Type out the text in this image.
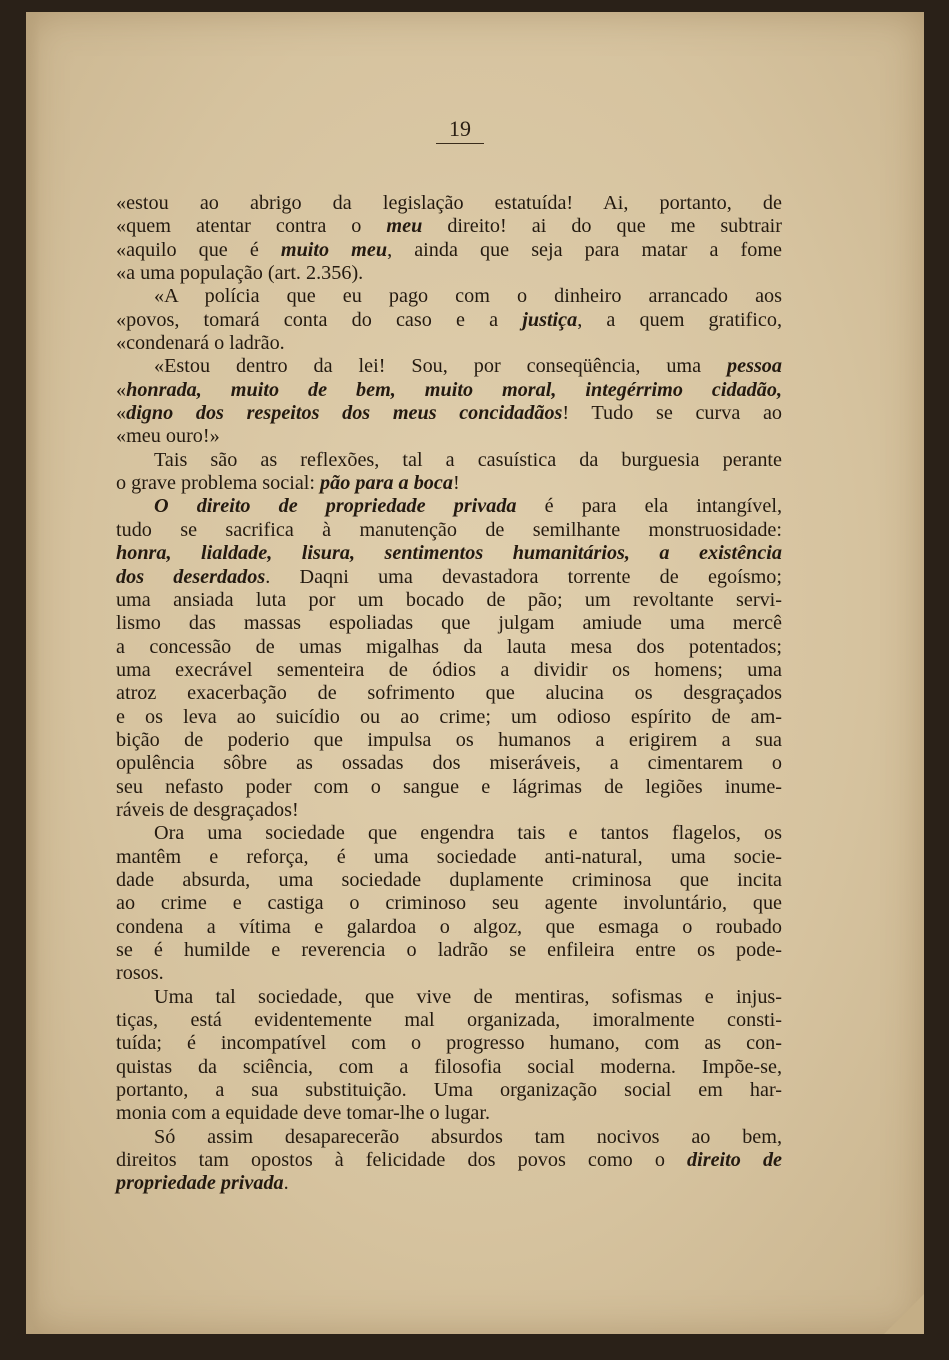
19
«estou ao abrigo da legislação estatuída! Ai, portanto, de
«quem atentar contra o meu direito! ai do que me subtrair
«aquilo que é muito meu, ainda que seja para matar a fome
«a uma população (art. 2.356).
«A polícia que eu pago com o dinheiro arrancado aos
«povos, tomará conta do caso e a justiça, a quem gratifico,
«condenará o ladrão.
«Estou dentro da lei! Sou, por conseqüência, uma pessoa
«honrada, muito de bem, muito moral, integérrimo cidadão,
«digno dos respeitos dos meus concidadãos! Tudo se curva ao
«meu ouro!»
Tais são as reflexões, tal a casuística da burguesia perante
o grave problema social: pão para a boca!
O direito de propriedade privada é para ela intangível,
tudo se sacrifica à manutenção de semilhante monstruosidade:
honra, lialdade, lisura, sentimentos humanitários, a existência
dos deserdados. Daqni uma devastadora torrente de egoísmo;
uma ansiada luta por um bocado de pão; um revoltante servi-
lismo das massas espoliadas que julgam amiude uma mercê
a concessão de umas migalhas da lauta mesa dos potentados;
uma execrável sementeira de ódios a dividir os homens; uma
atroz exacerbação de sofrimento que alucina os desgraçados
e os leva ao suicídio ou ao crime; um odioso espírito de am-
bição de poderio que impulsa os humanos a erigirem a sua
opulência sôbre as ossadas dos miseráveis, a cimentarem o
seu nefasto poder com o sangue e lágrimas de legiões inume-
ráveis de desgraçados!
Ora uma sociedade que engendra tais e tantos flagelos, os
mantêm e reforça, é uma sociedade anti-natural, uma socie-
dade absurda, uma sociedade duplamente criminosa que incita
ao crime e castiga o criminoso seu agente involuntário, que
condena a vítima e galardoa o algoz, que esmaga o roubado
se é humilde e reverencia o ladrão se enfileira entre os pode-
rosos.
Uma tal sociedade, que vive de mentiras, sofismas e injus-
tiças, está evidentemente mal organizada, imoralmente consti-
tuída; é incompatível com o progresso humano, com as con-
quistas da sciência, com a filosofia social moderna. Impõe-se,
portanto, a sua substituição. Uma organização social em har-
monia com a equidade deve tomar-lhe o lugar.
Só assim desaparecerão absurdos tam nocivos ao bem,
direitos tam opostos à felicidade dos povos como o direito de
propriedade privada.
